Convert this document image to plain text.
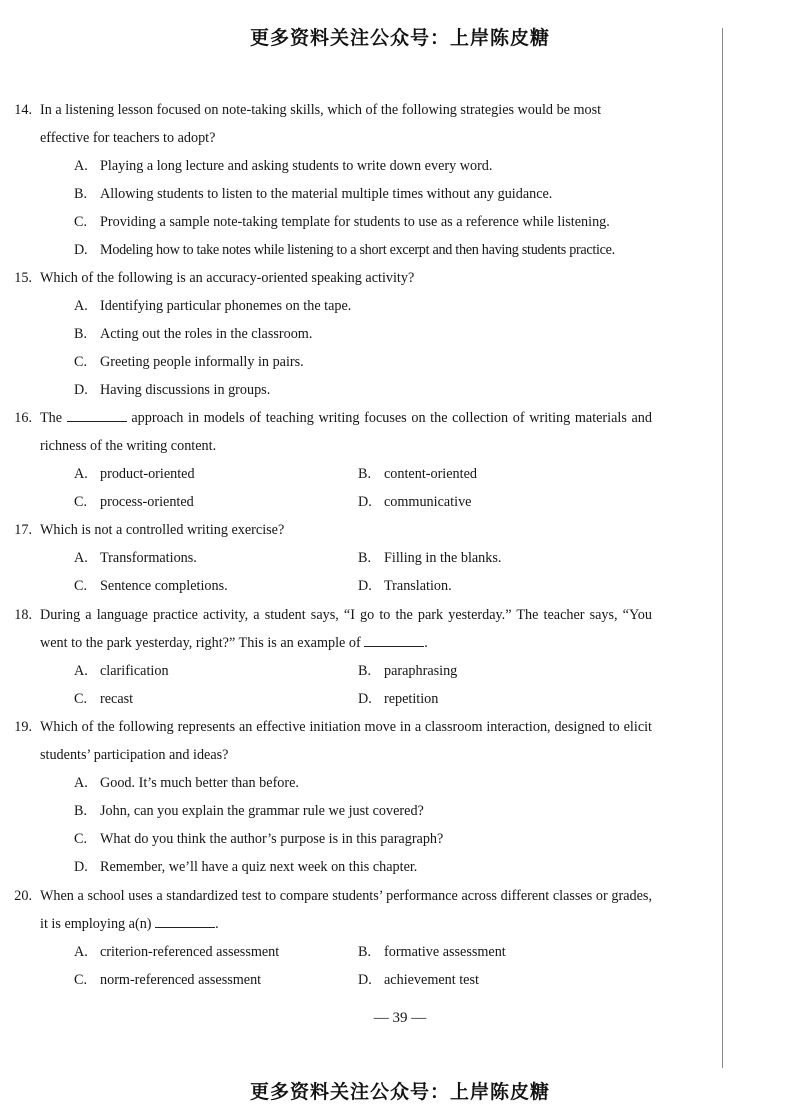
更多资料关注公众号：上岸陈皮糖

14. In a listening lesson focused on note-taking skills, which of the following strategies would be most effective for teachers to adopt?

A. Playing a long lecture and asking students to write down every word.
B. Allowing students to listen to the material multiple times without any guidance.
C. Providing a sample note-taking template for students to use as a reference while listening.
D. Modeling how to take notes while listening to a short excerpt and then having students practice.

15. Which of the following is an accuracy-oriented speaking activity?

A. Identifying particular phonemes on the tape.
B. Acting out the roles in the classroom.
C. Greeting people informally in pairs.
D. Having discussions in groups.

16. The	approach in models of teaching writing focuses on the collection of writing materials and richness of the writing content.

A. product-oriented	B. content-oriented
C. process-oriented	D. communicative

17. Which is not a controlled writing exercise?

A. Transformations.	B. Filling in the blanks.
C. Sentence completions.	D. Translation.

18. During a language practice activity, a student says, “I go to the park yesterday.” The teacher says, “You went to the park yesterday, right?” This is an example of	.

A. clarification	B. paraphrasing
C. recast	D. repetition

19. Which of the following represents an effective initiation move in a classroom interaction, designed to elicit students’ participation and ideas?

A. Good. It’s much better than before.
B. John, can you explain the grammar rule we just covered?
C. What do you think the author’s purpose is in this paragraph?
D. Remember, we’ll have a quiz next week on this chapter.

20. When a school uses a standardized test to compare students’ performance across different classes or grades, it is employing a(n)	.

A. criterion-referenced assessment	B. formative assessment
C. norm-referenced assessment	D. achievement test
— 39 —
更多资料关注公众号：上岸陈皮糖
